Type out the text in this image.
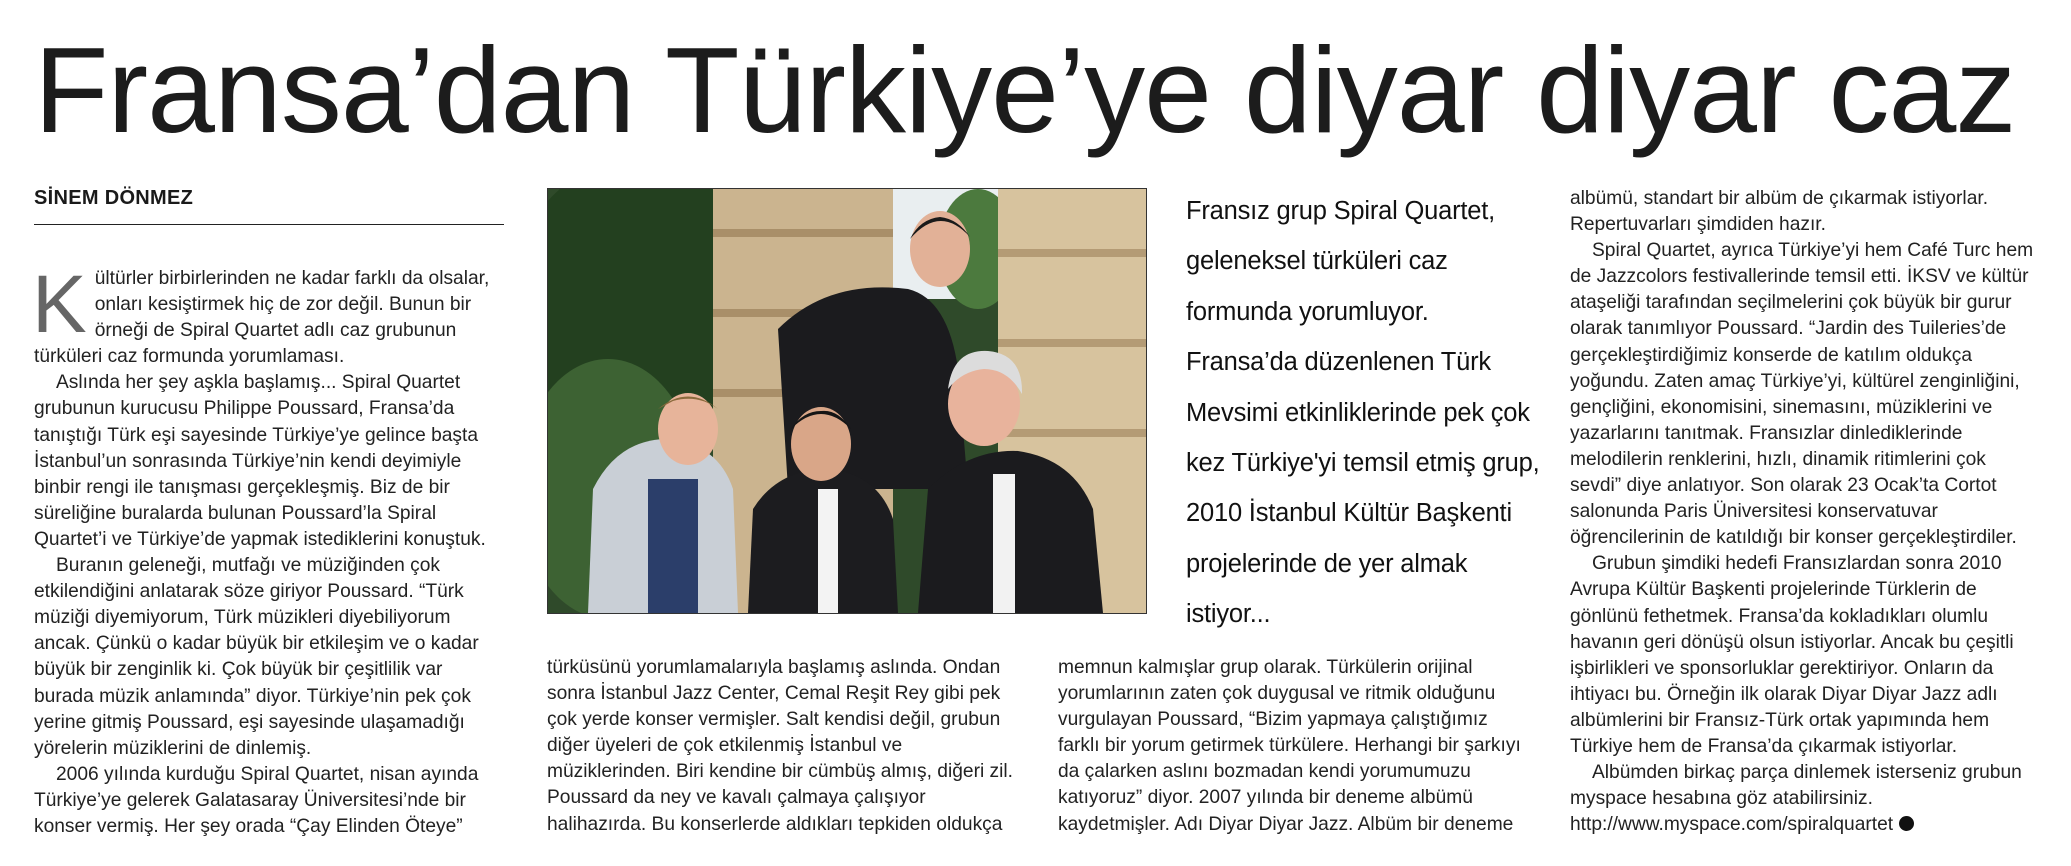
Fransa’dan Türkiye’ye diyar diyar caz
SİNEM DÖNMEZ

Kültürler birbirlerinden ne kadar farklı da olsalar, onları kesiştirmek hiç de zor değil. Bunun bir örneği de Spiral Quartet adlı caz grubunun türküleri caz formunda yorumlaması.

Aslında her şey aşkla başlamış... Spiral Quartet grubunun kurucusu Philippe Poussard, Fransa’da tanıştığı Türk eşi sayesinde Türkiye’ye gelince başta İstanbul’un sonrasında Türkiye’nin kendi deyimiyle binbir rengi ile tanışması gerçekleşmiş. Biz de bir süreliğine buralarda bulunan Poussard’la Spiral Quartet’i ve Türkiye’de yapmak istediklerini konuştuk.

Buranın geleneği, mutfağı ve müziğinden çok etkilendiğini anlatarak söze giriyor Poussard. “Türk müziği diyemiyorum, Türk müzikleri diyebiliyorum ancak. Çünkü o kadar büyük bir etkileşim ve o kadar büyük bir zenginlik ki. Çok büyük bir çeşitlilik var burada müzik anlamında” diyor. Türkiye’nin pek çok yerine gitmiş Poussard, eşi sayesinde ulaşamadığı yörelerin müziklerini de dinlemiş.

2006 yılında kurduğu Spiral Quartet, nisan ayında Türkiye’ye gelerek Galatasaray Üniversitesi’nde bir konser vermiş. Her şey orada “Çay Elinden Öteye”

Fransız grup Spiral Quartet, geleneksel türküleri caz formunda yorumluyor. Fransa’da düzenlenen Türk Mevsimi etkinliklerinde pek çok kez Türkiye'yi temsil etmiş grup, 2010 İstanbul Kültür Başkenti projelerinde de yer almak istiyor...

türküsünü yorumlamalarıyla başlamış aslında. Ondan sonra İstanbul Jazz Center, Cemal Reşit Rey gibi pek çok yerde konser vermişler. Salt kendisi değil, grubun diğer üyeleri de çok etkilenmiş İstanbul ve müziklerinden. Biri kendine bir cümbüş almış, diğeri zil. Poussard da ney ve kavalı çalmaya çalışıyor halihazırda. Bu konserlerde aldıkları tepkiden oldukça

memnun kalmışlar grup olarak. Türkülerin orijinal yorumlarının zaten çok duygusal ve ritmik olduğunu vurgulayan Poussard, “Bizim yapmaya çalıştığımız farklı bir yorum getirmek türkülere. Herhangi bir şarkıyı da çalarken aslını bozmadan kendi yorumumuzu katıyoruz” diyor. 2007 yılında bir deneme albümü kaydetmişler. Adı Diyar Diyar Jazz. Albüm bir deneme

albümü, standart bir albüm de çıkarmak istiyorlar. Repertuvarları şimdiden hazır.

Spiral Quartet, ayrıca Türkiye’yi hem Café Turc hem de Jazzcolors festivallerinde temsil etti. İKSV ve kültür ataşeliği tarafından seçilmelerini çok büyük bir gurur olarak tanımlıyor Poussard. “Jardin des Tuileries’de gerçekleştirdiğimiz konserde de katılım oldukça yoğundu. Zaten amaç Türkiye’yi, kültürel zenginliğini, gençliğini, ekonomisini, sinemasını, müziklerini ve yazarlarını tanıtmak. Fransızlar dinlediklerinde melodilerin renklerini, hızlı, dinamik ritimlerini çok sevdi” diye anlatıyor. Son olarak 23 Ocak’ta Cortot salonunda Paris Üniversitesi konservatuvar öğrencilerinin de katıldığı bir konser gerçekleştirdiler.

Grubun şimdiki hedefi Fransızlardan sonra 2010 Avrupa Kültür Başkenti projelerinde Türklerin de gönlünü fethetmek. Fransa’da kokladıkları olumlu havanın geri dönüşü olsun istiyorlar. Ancak bu çeşitli işbirlikleri ve sponsorluklar gerektiriyor. Onların da ihtiyacı bu. Örneğin ilk olarak Diyar Diyar Jazz adlı albümlerini bir Fransız-Türk ortak yapımında hem Türkiye hem de Fransa’da çıkarmak istiyorlar.

Albümden birkaç parça dinlemek isterseniz grubun myspace hesabına göz atabilirsiniz.

http://www.myspace.com/spiralquartet
